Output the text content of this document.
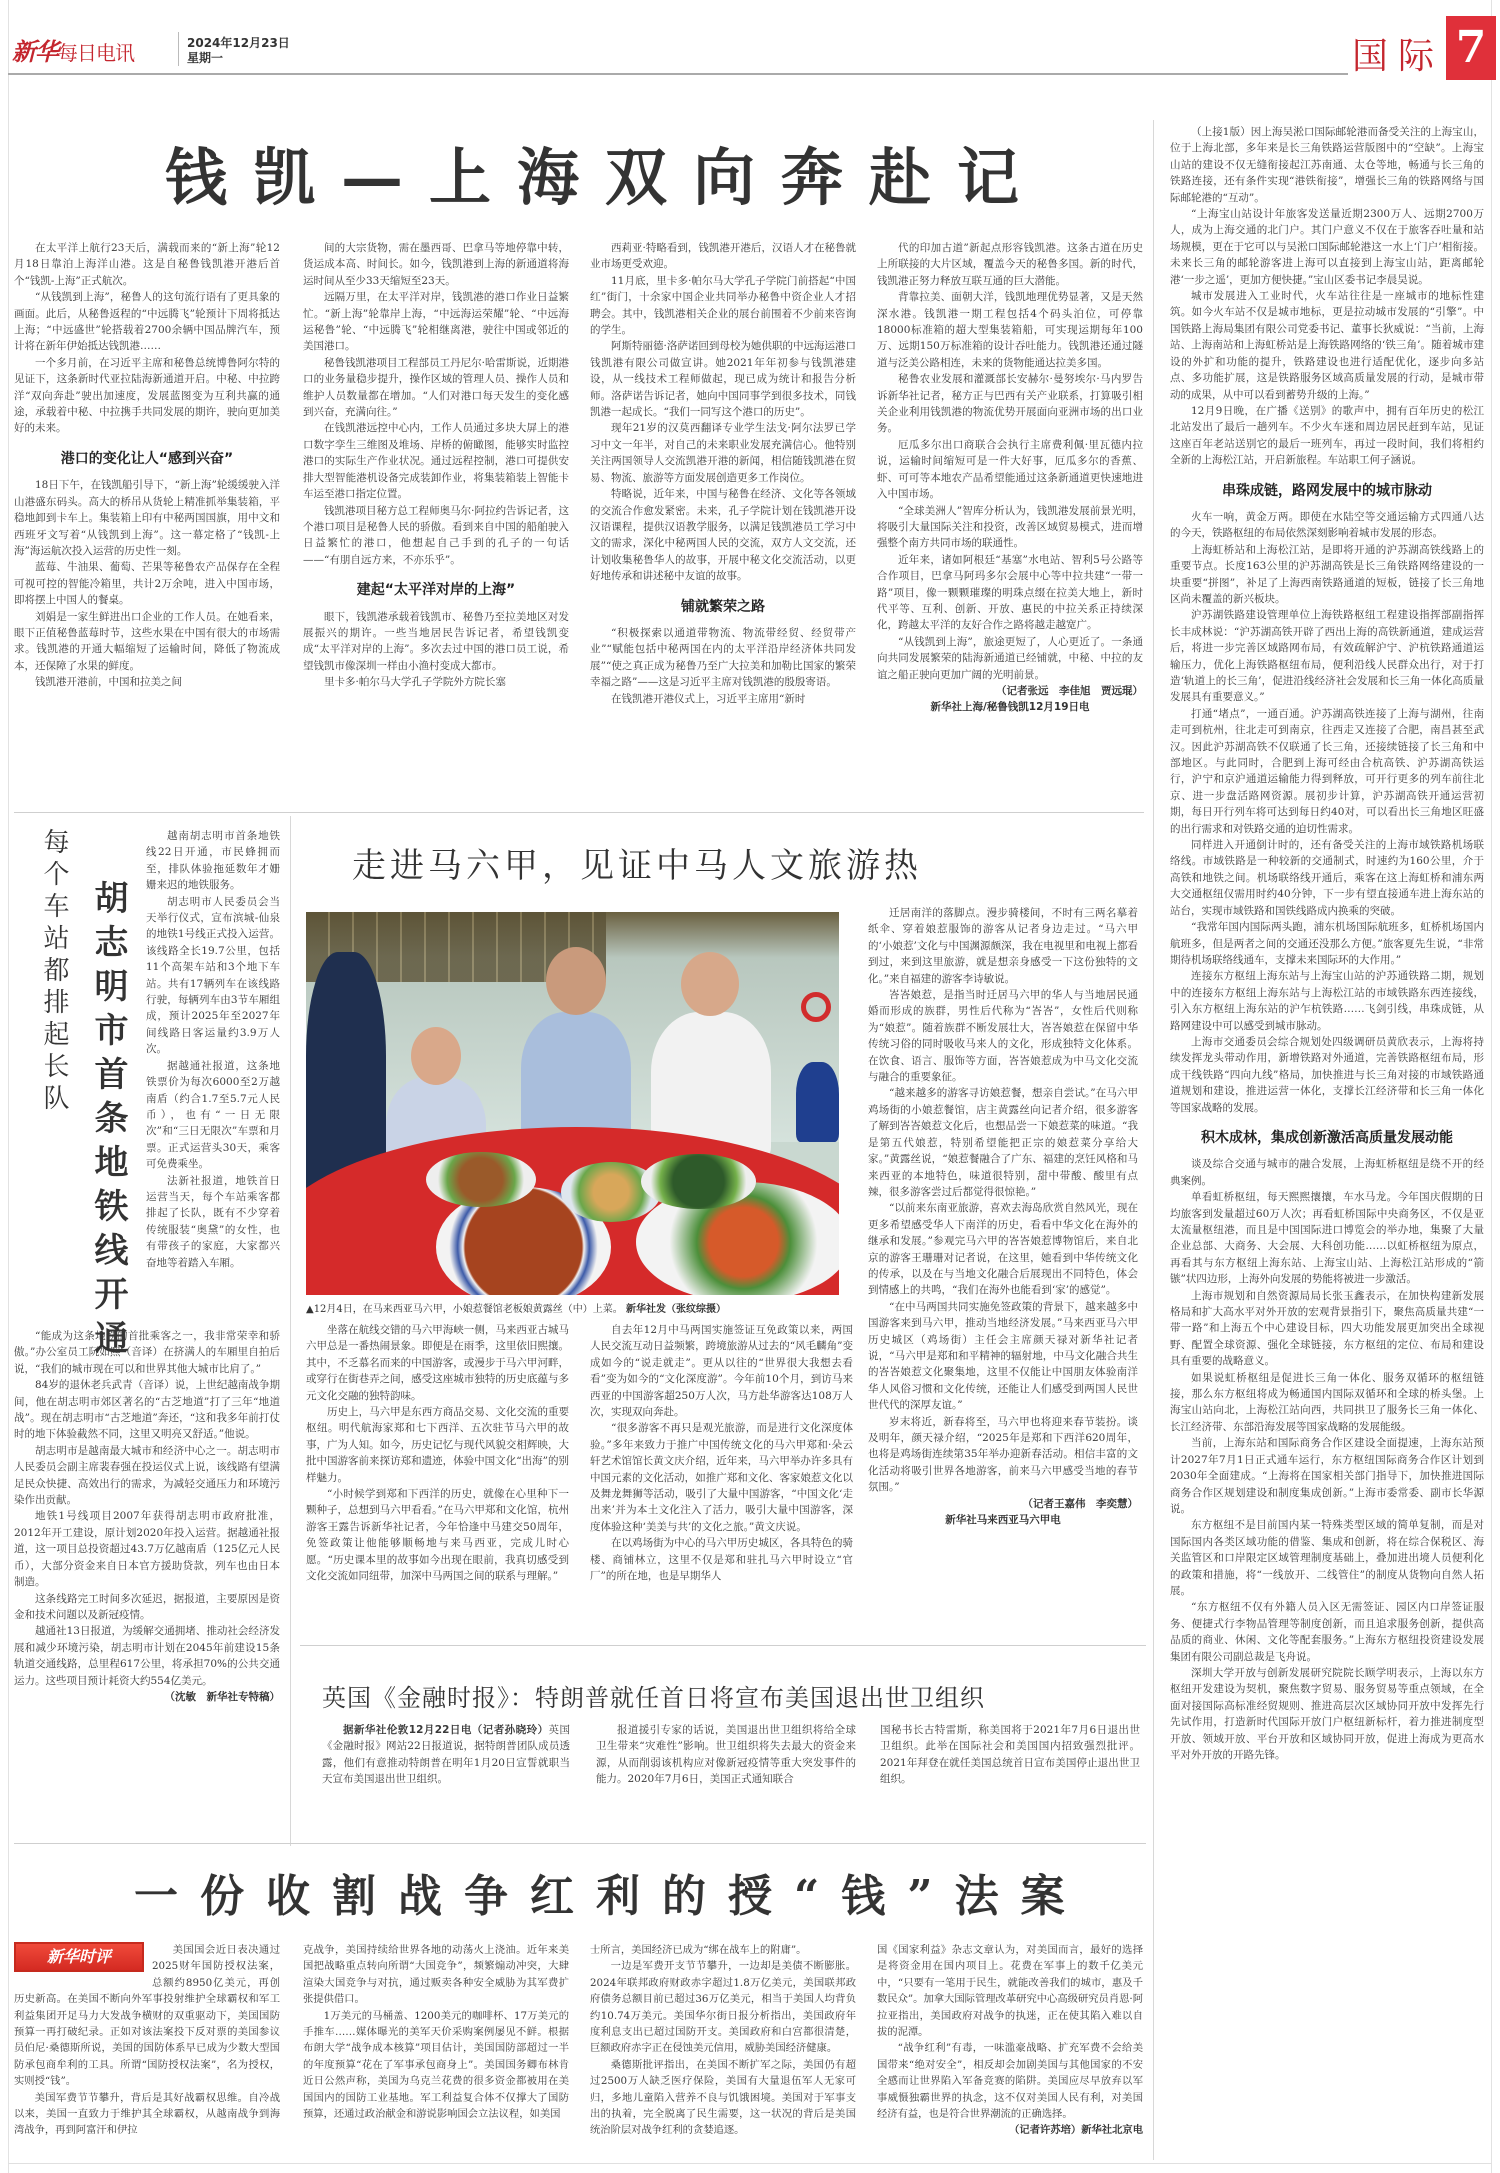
新华每日电讯	2024年12月23日
星期一	国际 7
钱凯—上海双向奔赴记

在太平洋上航行23天后，满载而来的“新上海”轮12月18日靠泊上海洋山港。这是自秘鲁钱凯港开港后首个“钱凯-上海”正式航次。

“从钱凯到上海”，秘鲁人的这句流行语有了更具象的画面。此后，从秘鲁返程的“中远腾飞”轮预计下周将抵达上海；“中远盛世”轮搭载着2700余辆中国品牌汽车，预计将在新年伊始抵达钱凯港……

一个多月前，在习近平主席和秘鲁总统博鲁阿尔特的见证下，这条新时代亚拉陆海新通道开启。中秘、中拉跨洋“双向奔赴”驶出加速度，发展蓝图变为互利共赢的通途，承载着中秘、中拉携手共同发展的期许，驶向更加美好的未来。

港口的变化让人“感到兴奋”

18日下午，在钱凯船引导下，“新上海”轮缓缓驶入洋山港盛东码头。高大的桥吊从货轮上精准抓举集装箱，平稳地卸到卡车上。集装箱上印有中秘两国国旗，用中文和西班牙文写着“从钱凯到上海”。这一幕定格了“钱凯-上海”海运航次投入运营的历史性一刻。

蓝莓、牛油果、葡萄、芒果等秘鲁农产品保存在全程可视可控的智能冷箱里，共计2万余吨，进入中国市场，即将摆上中国人的餐桌。

刘娟是一家生鲜进出口企业的工作人员。在她看来，眼下正值秘鲁蓝莓时节，这些水果在中国有很大的市场需求。钱凯港的开通大幅缩短了运输时间，降低了物流成本，还保障了水果的鲜度。

钱凯港开港前，中国和拉美之间

间的大宗货物，需在墨西哥、巴拿马等地停靠中转，货运成本高、时间长。如今，钱凯港到上海的新通道将海运时间从至少33天缩短至23天。

远隔万里，在太平洋对岸，钱凯港的港口作业日益繁忙。“新上海”轮靠岸上海，“中远海运荣耀”轮、“中远海运秘鲁”轮、“中远腾飞”轮相继离港，驶往中国或邻近的美国港口。

秘鲁钱凯港项目工程部员工丹尼尔·哈雷斯说，近期港口的业务量稳步提升，操作区域的管理人员、操作人员和维护人员数量都在增加。“人们对港口每天发生的变化感到兴奋，充满向往。”

在钱凯港远控中心内，工作人员通过多块大屏上的港口数字孪生三维图及堆场、岸桥的俯瞰图，能够实时监控港口的实际生产作业状况。通过远程控制，港口可提供安排大型智能港机设备完成装卸作业，将集装箱装上智能卡车运至港口指定位置。

钱凯港项目秘方总工程师奥马尔·阿拉约告诉记者，这个港口项目是秘鲁人民的骄傲。看到来自中国的船舶驶入日益繁忙的港口，他想起自己手到的孔子的一句话——“有朋自远方来，不亦乐乎”。

建起“太平洋对岸的上海”

眼下，钱凯港承载着钱凯市、秘鲁乃至拉美地区对发展振兴的期许。一些当地居民告诉记者，希望钱凯变成“太平洋对岸的上海”。多次去过中国的港口员工说，希望钱凯市像深圳一样由小渔村变成大都市。

里卡多·帕尔马大学孔子学院外方院长塞

西莉亚·特略看到，钱凯港开港后，汉语人才在秘鲁就业市场更受欢迎。

11月底，里卡多·帕尔马大学孔子学院门前搭起“中国红”街门，十余家中国企业共同举办秘鲁中资企业人才招聘会。其中，钱凯港相关企业的展台前围着不少前来咨询的学生。

阿斯特丽德·洛萨诺回到母校为她供职的中远海运港口钱凯港有限公司做宣讲。她2021年年初参与钱凯港建设，从一线技术工程师做起，现已成为统计和报告分析师。洛萨诺告诉记者，她向中国同事学到很多技术，同钱凯港一起成长。“我们一同写这个港口的历史”。

现年21岁的汉莫西翻译专业学生法戈·阿尔法罗已学习中文一年半，对自己的未来职业发展充满信心。他特别关注两国领导人交流凯港开港的新闻，相信随钱凯港在贸易、物流、旅游等方面发展创造更多工作岗位。

特略说，近年来，中国与秘鲁在经济、文化等各领域的交流合作愈发紧密。未来，孔子学院计划在钱凯港开设汉语课程，提供汉语教学服务，以满足钱凯港员工学习中文的需求，深化中秘两国人民的交流，双方人文交流，还计划收集秘鲁华人的故事，开展中秘文化交流活动，以更好地传承和讲述秘中友谊的故事。

铺就繁荣之路

“积极探索以通道带物流、物流带经贸、经贸带产业”“赋能包括中秘两国在内的太平洋沿岸经济体共同发展”“使之真正成为秘鲁乃至广大拉美和加勒比国家的繁荣幸福之路”——这是习近平主席对钱凯港的殷殷寄语。

在钱凯港开港仪式上，习近平主席用“新时

代的印加古道”新起点形容钱凯港。这条古道在历史上所联接的大片区域，覆盖今天的秘鲁多国。新的时代，钱凯港正努力释放互联互通的巨大潜能。

背靠拉美、面朝大洋，钱凯地理优势显著，又是天然深水港。钱凯港一期工程包括4个码头泊位，可停靠18000标准箱的超大型集装箱船，可实现运期每年100万、远期150万标准箱的设计吞吐能力。钱凯港还通过隧道与泛美公路相连，未来的货物能通达拉美多国。

秘鲁农业发展和灌溉部长安赫尔·曼努埃尔·马内罗告诉新华社记者，秘方正与巴西有关产业联系，打算吸引相关企业利用钱凯港的物流优势开展面向亚洲市场的出口业务。

厄瓜多尔出口商联合会执行主席费利佩·里瓦德内拉说，运输时间缩短可是一件大好事，厄瓜多尔的香蕉、虾、可可等本地农产品希望能通过这条新通道更快速地进入中国市场。

“全球美洲人”智库分析认为，钱凯港发展前景光明，将吸引大量国际关注和投资，改善区域贸易模式，进而增强整个南方共同市场的联通性。

近年来，诸如阿根廷“基塞”水电站、智利5号公路等合作项目，巴拿马阿玛多尔会展中心等中拉共建“一带一路”项目，像一颗颗璀璨的明珠点缀在拉美大地上，新时代平等、互利、创新、开放、惠民的中拉关系正持续深化，跨越太平洋的友好合作之路将越走越宽广。

“从钱凯到上海”，旅途更短了，人心更近了。一条通向共同发展繁荣的陆海新通道已经铺就，中秘、中拉的友谊之船正驶向更加广阔的光明前景。

（记者张远　李佳旭　贾远琨）

新华社上海/秘鲁钱凯12月19日电

（上接1版）因上海吴淞口国际邮轮港而备受关注的上海宝山，位于上海北部，多年来是长三角铁路运营版图中的“空缺”。上海宝山站的建设不仅无缝衔接起江苏南通、太仓等地，畅通与长三角的铁路连接，还有条件实现“港铁衔接”，增强长三角的铁路网络与国际邮轮港的“互动”。

“上海宝山站设计年旅客发送量近期2300万人、远期2700万人，成为上海交通的北门户。其门户意义不仅在于旅客吞吐量和站场规模，更在于它可以与吴淞口国际邮轮港这一水上‘门户’相衔接。未来长三角的邮轮游客进上海可以直接到上海宝山站，距离邮轮港‘一步之遥’，更加方便快捷。”宝山区委书记李晨昊说。

城市发展进入工业时代，火车站往往是一座城市的地标性建筑。如今火车站不仅是城市地标，更是拉动城市发展的“引擎”。中国铁路上海局集团有限公司党委书记、董事长狄威说：“当前，上海站、上海南站和上海虹桥站是上海铁路网络的‘铁三角’。随着城市建设的外扩和功能的提升，铁路建设也进行适配优化，逐步向多站点、多功能扩展，这是铁路服务区域高质量发展的行动，是城市带动的成果，从中可以看到蓄势升级的上海。”

12月9日晚，在广播《送别》的歌声中，拥有百年历史的松江北站发出了最后一趟列车。不少火车迷和周边居民赶到车站，见证这座百年老站送别它的最后一班列车，再过一段时间，我们将相约全新的上海松江站，开启新旅程。车站职工何子涵说。

串珠成链，路网发展中的城市脉动

火车一响，黄金万两。即使在水陆空等交通运输方式四通八达的今天，铁路枢纽的布局依然深刻影响着城市发展的形态。

上海虹桥站和上海松江站，是即将开通的沪苏湖高铁线路上的重要节点。长度163公里的沪苏湖高铁是长三角铁路网络建设的一块重要“拼图”，补足了上海西南铁路通道的短板，链接了长三角地区尚未覆盖的新兴板块。

沪苏湖铁路建设管理单位上海铁路枢纽工程建设指挥部副指挥长丰成林说：“沪苏湖高铁开辟了西出上海的高铁新通道，建成运营后，将进一步完善区域路网布局，有效疏解沪宁、沪杭铁路通道运输压力，优化上海铁路枢纽布局，便利沿线人民群众出行，对于打造‘轨道上的长三角’，促进沿线经济社会发展和长三角一体化高质量发展具有重要意义。”

打通“堵点”，一通百通。沪苏湖高铁连接了上海与湖州，往南走可到杭州，往北走可到南京，往西走又连接了合肥，南昌甚至武汉。因此沪苏湖高铁不仅联通了长三角，还接续链接了长三角和中部地区。与此同时，合肥到上海可经由合杭高铁、沪苏湖高铁运行，沪宁和京沪通道运输能力得到释放，可开行更多的列车前往北京、进一步盘活路网资源。展初步计算，沪苏湖高铁开通运营初期，每日开行列车将可达到每日约40对，可以看出长三角地区旺盛的出行需求和对铁路交通的迫切性需求。

同样进入开通倒计时的，还有备受关注的上海市域铁路机场联络线。市域铁路是一种较新的交通制式，时速约为160公里，介于高铁和地铁之间。机场联络线开通后，乘客在这上海虹桥和浦东两大交通枢纽仅需用时约40分钟，下一步有望直接通车进上海东站的站台，实现市域铁路和国铁线路成内换乘的突破。

“我常年国内国际两头跑，浦东机场国际航班多，虹桥机场国内航班多，但是两者之间的交通还没那么方便。”旅客夏先生说，“非常期待机场联络线通车，支撑未来国际环的大作用。”

连接东方枢纽上海东站与上海宝山站的沪苏通铁路二期，规划中的连接东方枢纽上海东站与上海松江站的市域铁路东西连接线，引入东方枢纽上海东站的沪乍杭铁路……飞剑引线，串珠成链，从路网建设中可以感受到城市脉动。

上海市交通委员会综合规划处四级调研员黄欣表示，上海将持续发挥龙头带动作用，新增铁路对外通道，完善铁路枢纽布局，形成干线铁路“四向九线”格局，加快推进与长三角对接的市域铁路通道规划和建设，推进运营一体化，支撑长江经济带和长三角一体化等国家战略的发展。

积木成林，集成创新激活高质量发展动能

谈及综合交通与城市的融合发展，上海虹桥枢纽是绕不开的经典案例。

单看虹桥枢纽，每天熙熙攘攘，车水马龙。今年国庆假期的日均旅客到发量超过60万人次；再看虹桥国际中央商务区，不仅是亚太流量枢纽港，而且是中国国际进口博览会的举办地，集聚了大量企业总部、大商务、大会展、大科创功能……以虹桥枢纽为原点，再看其与东方枢纽上海东站、上海宝山站、上海松江站形成的“箭镞”状四边形，上海外向发展的势能将被进一步激活。

上海市规划和自然资源局局长张玉鑫表示，在加快构建新发展格局和扩大高水平对外开放的宏观背景指引下，聚焦高质量共建“一带一路”和上海五个中心建设目标，四大功能发展更加突出全球视野、配置全球资源、强化全球链接，东方枢纽的定位、布局和建设具有重要的战略意义。

如果说虹桥枢纽是促进长三角一体化、服务双循环的枢纽链接，那么东方枢纽将成为畅通国内国际双循环和全球的桥头堡。上海宝山站向北，上海松江站向西，共同拱卫了服务长三角一体化、长江经济带、东部沿海发展等国家战略的发展能级。

当前，上海东站和国际商务合作区建设全面提速，上海东站预计2027年7月1日正式通车运行，东方枢纽国际商务合作区计划到2030年全面建成。“上海将在国家相关部门指导下，加快推进国际商务合作区规划建设和制度集成创新。”上海市委常委、副市长华源说。

东方枢纽不是目前国内某一特殊类型区域的简单复制，而是对国际国内各类区域功能的借鉴、集成和创新，将在综合保税区、海关监管区和口岸限定区域管理制度基础上，叠加进出境人员便利化的政策和措施，将“一线放开、二线管住”的制度从货物向自然人拓展。

“东方枢纽不仅有外籍人员入区无需签证、园区内口岸签证服务、便捷式行李物品管理等制度创新，而且追求服务创新，提供高品质的商业、休闲、文化等配套服务。”上海东方枢纽投资建设发展集团有限公司副总裁是飞舟说。

深圳大学开放与创新发展研究院院长顾学明表示，上海以东方枢纽开发建设为契机，聚焦数字贸易、服务贸易等重点领域，在全面对接国际高标准经贸规则、推进高层次区域协同开放中发挥先行先试作用，打造新时代国际开放门户枢纽新标杆，着力推进制度型开放、领域开放、平台开放和区域协同开放，促进上海成为更高水平对外开放的开路先锋。

每个车站都排起长队 胡志明市首条地铁线开通

越南胡志明市首条地铁线22日开通，市民蜂拥而至，排队体验拖延数年才姗姗来迟的地铁服务。

胡志明市人民委员会当天举行仪式，宣布滨城-仙泉的地铁1号线正式投入运营。该线路全长19.7公里，包括11个高架车站和3个地下车站。共有17辆列车在该线路行驶，每辆列车由3节车厢组成，预计2025年至2027年间线路日客运量约3.9万人次。

据越通社报道，这条地铁票价为每次6000至2万越南盾（约合1.7至5.7元人民币），也有“一日无限次”和“三日无限次”车票和月票。正式运营头30天，乘客可免费乘坐。

法新社报道，地铁首日运营当天，每个车站乘客都排起了长队，既有不少穿着传统服装“奥黛”的女性，也有带孩子的家庭，大家都兴奋地等着踏入车厢。

“能成为这条地铁的首批乘客之一，我非常荣幸和骄傲。”办公室员工阮如熙（音译）在挤满人的车厢里自拍后说，“我们的城市现在可以和世界其他大城市比肩了。”

84岁的退休老兵武青（音译）说，上世纪越南战争期间，他在胡志明市郊区著名的“古芝地道”打了三年“地道战”。现在胡志明市“古芝地道”奔还，“这和我多年前打仗时的地下体验截然不同，这里又明亮又舒适。”他说。

胡志明市是越南最大城市和经济中心之一。胡志明市人民委员会副主席裴春强在投运仪式上说，该线路有望满足民众快捷、高效出行的需求，为减轻交通压力和环境污染作出贡献。

地铁1号线项目2007年获得胡志明市政府批准，2012年开工建设，原计划2020年投入运营。据越通社报道，这一项目总投资超过43.7万亿越南盾（125亿元人民币），大部分资金来自日本官方援助贷款，列车也由日本制造。

这条线路完工时间多次延迟，据报道，主要原因是资金和技术问题以及新冠疫情。

越通社13日报道，为缓解交通拥堵、推动社会经济发展和减少环境污染，胡志明市计划在2045年前建设15条轨道交通线路，总里程617公里，将承担70%的公共交通运力。这些项目预计耗资大约554亿美元。

（沈敏　新华社专特稿）

走进马六甲，见证中马人文旅游热
▲12月4日，在马来西亚马六甲，小娘惹餐馆老板娘黄露丝（中）上菜。 新华社发（张纹综摄）

坐落在航线交错的马六甲海峡一侧，马来西亚古城马六甲总是一番热闹景象。即便是在雨季，这里依旧熙攘。其中，不乏慕名而来的中国游客，或漫步于马六甲河畔，或穿行在街巷弄之间，感受这座城市独特的历史底蕴与多元文化交融的独特韵味。

历史上，马六甲是东西方商品交易、文化交流的重要枢纽。明代航海家郑和七下西洋、五次驻节马六甲的故事，广为人知。如今，历史记忆与现代风貌交相辉映，大批中国游客前来探访郑和遗迹，体验中国文化“出海”的别样魅力。

“小时候学到郑和下西洋的历史，就像在心里种下一颗种子，总想到马六甲看看。”在马六甲郑和文化馆，杭州游客王露告诉新华社记者，今年恰逢中马建交50周年，免签政策让他能够顺畅地与来马西亚，完成儿时心愿。“历史课本里的故事如今出现在眼前，我真切感受到文化交流如同纽带，加深中马两国之间的联系与理解。”

自去年12月中马两国实施签证互免政策以来，两国人民交流互动日益频繁，跨境旅游从过去的“风毛麟角”变成如今的“说走就走”。更从以往的“世界很大我想去看看”变为如今的“文化深度游”。今年前10个月，到访马来西亚的中国游客超250万人次，马方赴华游客达108万人次，实现双向奔赴。

“很多游客不再只是观光旅游，而是进行文化深度体验。”多年来致力于推广中国传统文化的马六甲郑和·朵云轩艺术馆馆长黄文庆介绍，近年来，马六甲举办许多具有中国元素的文化活动，如推广郑和文化、客家娘惹文化以及舞龙舞狮等活动，吸引了大量中国游客，“中国文化‘走出来’并为本土文化注入了活力，吸引大量中国游客，深度体验这种‘美美与共’的文化之旅。”黄文庆说。

在以鸡场街为中心的马六甲历史城区，各具特色的骑楼、商铺林立，这里不仅是郑和驻扎马六甲时设立“官厂”的所在地，也是早期华人

迁居南洋的落脚点。漫步骑楼间，不时有三两名摹着纸伞、穿着娘惹服饰的游客从记者身边走过。“马六甲的‘小娘惹’文化与中国渊源颇深，我在电视里和电视上都看到过，来到这里旅游，就是想亲身感受一下这份独特的文化。”来自福建的游客李诗敏说。

峇峇娘惹，是指当时迁居马六甲的华人与当地居民通婚而形成的族群，男性后代称为“峇峇”，女性后代则称为“娘惹”。随着族群不断发展壮大，峇峇娘惹在保留中华传统习俗的同时吸收马来人的文化，形成独特文化体系。在饮食、语言、服饰等方面，峇峇娘惹成为中马文化交流与融合的重要象征。

“越来越多的游客寻访娘惹餐，想亲自尝试。”在马六甲鸡场街的小娘惹餐馆，店主黄露丝向记者介绍，很多游客了解到峇峇娘惹文化后，也想品尝一下娘惹菜的味道。“我是第五代娘惹，特别希望能把正宗的娘惹菜分享给大家。”黄露丝说，“娘惹餐融合了广东、福建的烹饪风格和马来西亚的本地特色，味道很特别，甜中带酸、酸里有点辣，很多游客尝过后都觉得很惊艳。”

“以前来东南亚旅游，喜欢去海岛欣赏自然风光，现在更多希望感受华人下南洋的历史，看看中华文化在海外的继承和发展。”参观完马六甲的峇峇娘惹博物馆后，来自北京的游客王珊珊对记者说，在这里，她看到中华传统文化的传承，以及在与当地文化融合后展现出不同特色，体会到情感上的共鸣，“我们在海外也能看到‘家’的感觉”。

“在中马两国共同实施免签政策的背景下，越来越多中国游客来到马六甲，推动当地经济发展。”马来西亚马六甲历史城区（鸡场街）主任会主席颜天禄对新华社记者说，“马六甲是郑和和平精神的辐射地，中马文化融合共生的峇峇娘惹文化聚集地，这里不仅能让中国朋友体验南洋华人风俗习惯和文化传统，还能让人们感受到两国人民世世代代的深厚友谊。”

岁末将近，新春将至，马六甲也将迎来春节装扮。谈及明年，颜天禄介绍，“2025年是郑和下西洋620周年，也将是鸡场街连续第35年举办迎新春活动。相信丰富的文化活动将吸引世界各地游客，前来马六甲感受当地的春节氛围。”

（记者王嘉伟　李奕慧）

新华社马来西亚马六甲电

英国《金融时报》：特朗普就任首日将宣布美国退出世卫组织

据新华社伦敦12月22日电（记者孙晓玲）英国《金融时报》网站22日报道说，据特朗普团队成员透露，他们有意推动特朗普在明年1月20日宣誓就职当天宣布美国退出世卫组织。

报道援引专家的话说，美国退出世卫组织将给全球卫生带来“灾难性”影响。世卫组织将失去最大的资金来源，从而削弱该机构应对像新冠疫情等重大突发事件的能力。2020年7月6日，美国正式通知联合

国秘书长古特雷斯，称美国将于2021年7月6日退出世卫组织。此举在国际社会和美国国内招致强烈批评。2021年拜登在就任美国总统首日宣布美国停止退出世卫组织。

一份收割战争红利的授“钱”法案
新华时评	美国国会近日表决通过2025财年国防授权法案，总额约8950亿美元，再创历史新高。在美国不断向外军事投射维护全球霸权和军工利益集团开足马力大发战争横财的双重驱动下，美国国防预算一再打破纪录。正如对该法案投下反对票的美国参议员伯尼·桑德斯所说，美国的国防体系早已成为少数大型国防承包商牟利的工具。所谓“国防授权法案”，名为授权，实则授“钱”。

美国军费节节攀升，背后是其好战霸权思维。自冷战以来，美国一直致力于维护其全球霸权，从越南战争到海湾战争，再到阿富汗和伊拉

克战争，美国持续给世界各地的动荡火上浇油。近年来美国把战略重点转向所谓“大国竞争”，频繁煽动冲突，大肆渲染大国竞争与对抗，通过贩卖各种安全威胁为其军费扩张提供借口。

1万美元的马桶盖、1200美元的咖啡杯、17万美元的手推车……媒体曝光的美军天价采购案例屡见不鲜。根据布朗大学“战争成本核算”项目估计，美国国防部超过一半的年度预算“花在了军事承包商身上”。美国国务卿布林肯近日公然声称，美国为乌克兰花费的很多资金都被用在美国国内的国防工业基地。军工利益复合体不仅撑大了国防预算，还通过政治献金和游说影响国会立法议程，如美国

士所言，美国经济已成为“绑在战车上的附庸”。

一边是军费开支节节攀升，一边却是美债不断膨胀。2024年联邦政府财政赤字超过1.8万亿美元，美国联邦政府债务总额目前已超过36万亿美元，相当于美国人均背负约10.74万美元。美国华尔街日报分析指出，美国政府年度利息支出已超过国防开支。美国政府和白宫都很清楚，巨额政府赤字正在侵蚀美元信用，威胁美国经济健康。

桑德斯批评指出，在美国不断扩军之际，美国仍有超过2500万人缺乏医疗保险，美国有大量退伍军人无家可归，多地儿童陷入营养不良与饥饿困境。美国对于军事支出的执着，完全脱离了民生需要，这一状况的背后是美国统治阶层对战争红利的贪婪追逐。

国《国家利益》杂志文章认为，对美国而言，最好的选择是将资金用在国内项目上。花费在军事上的数千亿美元中，“只要有一笔用于民生，就能改善我们的城市，惠及千数民众”。加拿大国际管理改革研究中心高级研究员肖恩·阿拉亚指出，美国政府对战争的执迷，正在使其陷入难以自拔的泥潭。

“战争红利”有毒，一味滥豪战略、扩充军费不会给美国带来“绝对安全”，相反却会加剧美国与其他国家的不安全感而让世界陷入军备竞赛的陷阱。美国应尽早放弃以军事威慑独霸世界的执念，这不仅对美国人民有利，对美国经济有益，也是符合世界潮流的正确选择。

（记者许苏培）新华社北京电
